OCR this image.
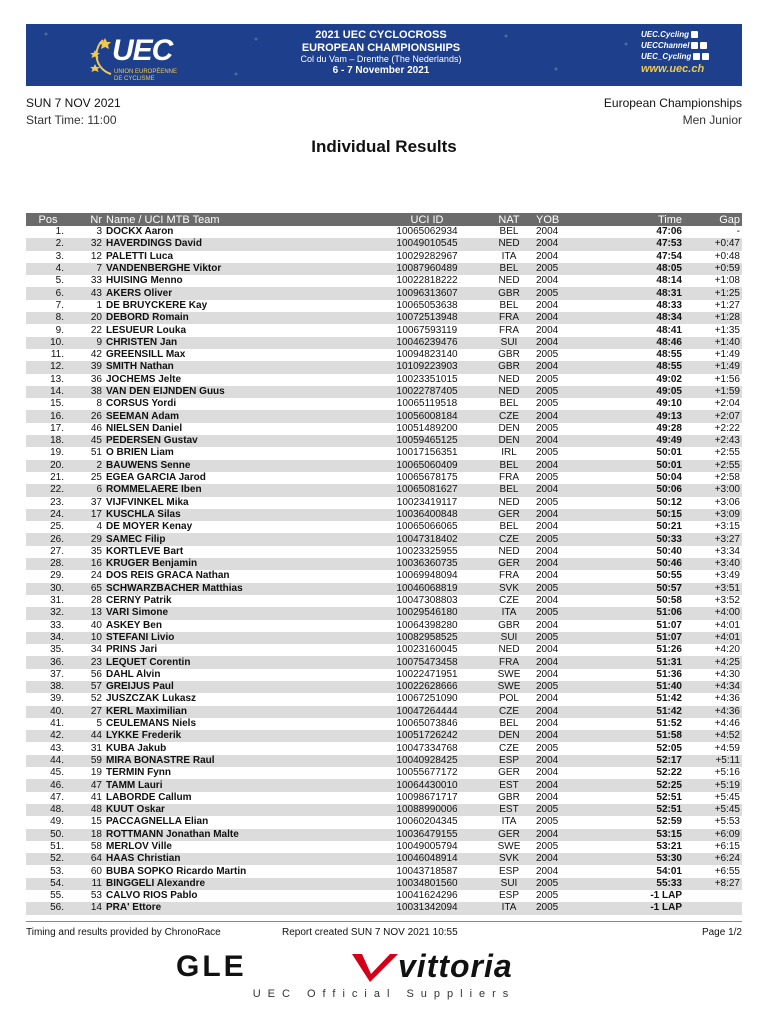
UEC
UNION EUROPÉENNE
DE CYCLISME
2021 UEC CYCLOCROSS
EUROPEAN CHAMPIONSHIPS
Col du Vam – Drenthe (The Nederlands)
6 - 7 November 2021
UEC.Cycling
UECChannel
UEC_Cycling
www.uec.ch
SUN 7 NOV 2021
Start Time: 11:00
European Championships
Men Junior
Individual Results
Pos	Nr	Name / UCI MTB Team	UCI ID	NAT	YOB	Time	Gap
1.	3	DOCKX Aaron	10065062934	BEL	2004	47:06	-
2.	32	HAVERDINGS David	10049010545	NED	2004	47:53	+0:47
3.	12	PALETTI Luca	10029282967	ITA	2004	47:54	+0:48
4.	7	VANDENBERGHE Viktor	10087960489	BEL	2005	48:05	+0:59
5.	33	HUISING Menno	10022818222	NED	2004	48:14	+1:08
6.	43	AKERS Oliver	10096313607	GBR	2005	48:31	+1:25
7.	1	DE BRUYCKERE Kay	10065053638	BEL	2004	48:33	+1:27
8.	20	DEBORD Romain	10072513948	FRA	2004	48:34	+1:28
9.	22	LESUEUR Louka	10067593119	FRA	2004	48:41	+1:35
10.	9	CHRISTEN Jan	10046239476	SUI	2004	48:46	+1:40
11.	42	GREENSILL Max	10094823140	GBR	2005	48:55	+1:49
12.	39	SMITH Nathan	10109223903	GBR	2004	48:55	+1:49
13.	36	JOCHEMS Jelte	10023351015	NED	2005	49:02	+1:56
14.	38	VAN DEN EIJNDEN Guus	10022787405	NED	2005	49:05	+1:59
15.	8	CORSUS Yordi	10065119518	BEL	2005	49:10	+2:04
16.	26	SEEMAN Adam	10056008184	CZE	2004	49:13	+2:07
17.	46	NIELSEN Daniel	10051489200	DEN	2005	49:28	+2:22
18.	45	PEDERSEN Gustav	10059465125	DEN	2004	49:49	+2:43
19.	51	O BRIEN Liam	10017156351	IRL	2005	50:01	+2:55
20.	2	BAUWENS Senne	10065060409	BEL	2004	50:01	+2:55
21.	25	EGEA GARCIA Jarod	10065678175	FRA	2005	50:04	+2:58
22.	6	ROMMELAERE Iben	10065081627	BEL	2004	50:06	+3:00
23.	37	VIJFVINKEL Mika	10023419117	NED	2005	50:12	+3:06
24.	17	KUSCHLA Silas	10036400848	GER	2004	50:15	+3:09
25.	4	DE MOYER Kenay	10065066065	BEL	2004	50:21	+3:15
26.	29	SAMEC Filip	10047318402	CZE	2005	50:33	+3:27
27.	35	KORTLEVE Bart	10023325955	NED	2004	50:40	+3:34
28.	16	KRÜGER Benjamin	10036360735	GER	2004	50:46	+3:40
29.	24	DOS REIS GRACA Nathan	10069948094	FRA	2004	50:55	+3:49
30.	65	SCHWARZBACHER Matthias	10046068819	SVK	2005	50:57	+3:51
31.	28	CERNÝ Patrik	10047308803	CZE	2004	50:58	+3:52
32.	13	VARI Simone	10029546180	ITA	2005	51:06	+4:00
33.	40	ASKEY Ben	10064398280	GBR	2004	51:07	+4:01
34.	10	STEFANI Livio	10082958525	SUI	2005	51:07	+4:01
35.	34	PRINS Jari	10023160045	NED	2004	51:26	+4:20
36.	23	LEQUET Corentin	10075473458	FRA	2004	51:31	+4:25
37.	56	DAHL Alvin	10022471951	SWE	2004	51:36	+4:30
38.	57	GREIJUS Paul	10022628666	SWE	2005	51:40	+4:34
39.	52	JUSZCZAK Lukasz	10067251090	POL	2004	51:42	+4:36
40.	27	KERL Maximilian	10047264444	CZE	2004	51:42	+4:36
41.	5	CEULEMANS Niels	10065073846	BEL	2004	51:52	+4:46
42.	44	LYKKE Frederik	10051726242	DEN	2004	51:58	+4:52
43.	31	KUBA Jakub	10047334768	CZE	2005	52:05	+4:59
44.	59	MIRA BONASTRE Raul	10040928425	ESP	2004	52:17	+5:11
45.	19	TERMIN Fynn	10055677172	GER	2004	52:22	+5:16
46.	47	TAMM Lauri	10064430010	EST	2004	52:25	+5:19
47.	41	LABORDE Callum	10098671717	GBR	2004	52:51	+5:45
48.	48	KÜÜT Oskar	10088990006	EST	2005	52:51	+5:45
49.	15	PACCAGNELLA Elian	10060204345	ITA	2005	52:59	+5:53
50.	18	ROTTMANN Jonathan Malte	10036479155	GER	2004	53:15	+6:09
51.	58	MERLOV Ville	10049005794	SWE	2005	53:21	+6:15
52.	64	HAAS Christian	10046048914	SVK	2004	53:30	+6:24
53.	60	BUBA SOPKO Ricardo Martin	10043718587	ESP	2004	54:01	+6:55
54.	11	BINGGELI Alexandre	10034801560	SUI	2005	55:33	+8:27
55.	53	CALVO RIOS Pablo	10041624296	ESP	2005	-1 LAP	
56.	14	PRA' Ettore	10031342094	ITA	2005	-1 LAP	
Timing and results provided by ChronoRace	Report created SUN 7 NOV 2021 10:55	Page 1/2
GLE	vittoria
UEC Official Suppliers
